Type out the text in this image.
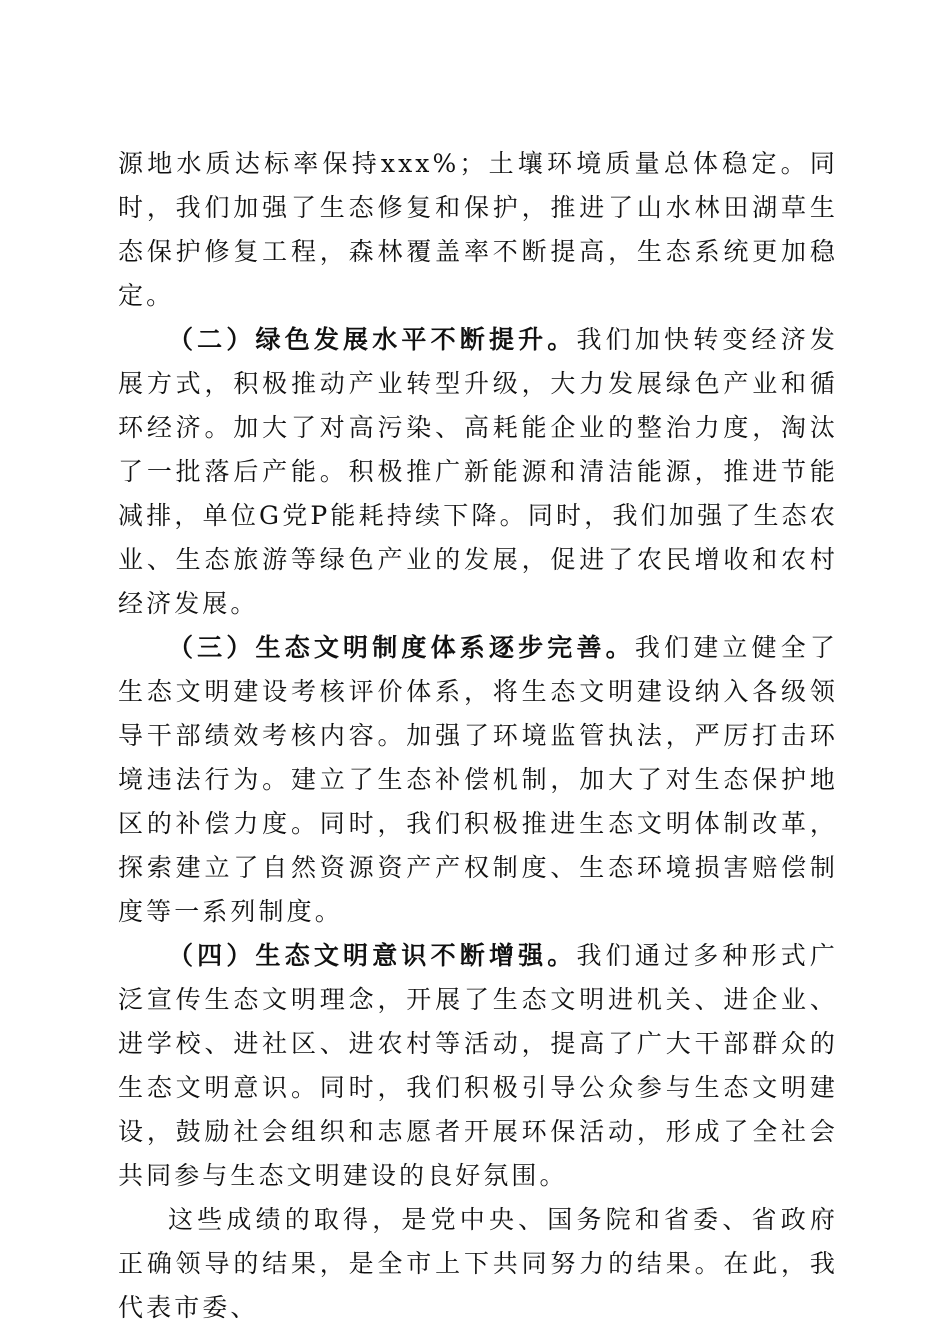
源地水质达标率保持xxx%；土壤环境质量总体稳定。同时，我们加强了生态修复和保护，推进了山水林田湖草生态保护修复工程，森林覆盖率不断提高，生态系统更加稳定。

（二）绿色发展水平不断提升。我们加快转变经济发展方式，积极推动产业转型升级，大力发展绿色产业和循环经济。加大了对高污染、高耗能企业的整治力度，淘汰了一批落后产能。积极推广新能源和清洁能源，推进节能减排，单位G党P能耗持续下降。同时，我们加强了生态农业、生态旅游等绿色产业的发展，促进了农民增收和农村经济发展。

（三）生态文明制度体系逐步完善。我们建立健全了生态文明建设考核评价体系，将生态文明建设纳入各级领导干部绩效考核内容。加强了环境监管执法，严厉打击环境违法行为。建立了生态补偿机制，加大了对生态保护地区的补偿力度。同时，我们积极推进生态文明体制改革，探索建立了自然资源资产产权制度、生态环境损害赔偿制度等一系列制度。

（四）生态文明意识不断增强。我们通过多种形式广泛宣传生态文明理念，开展了生态文明进机关、进企业、进学校、进社区、进农村等活动，提高了广大干部群众的生态文明意识。同时，我们积极引导公众参与生态文明建设，鼓励社会组织和志愿者开展环保活动，形成了全社会共同参与生态文明建设的良好氛围。

这些成绩的取得，是党中央、国务院和省委、省政府正确领导的结果，是全市上下共同努力的结果。在此，我代表市委、
